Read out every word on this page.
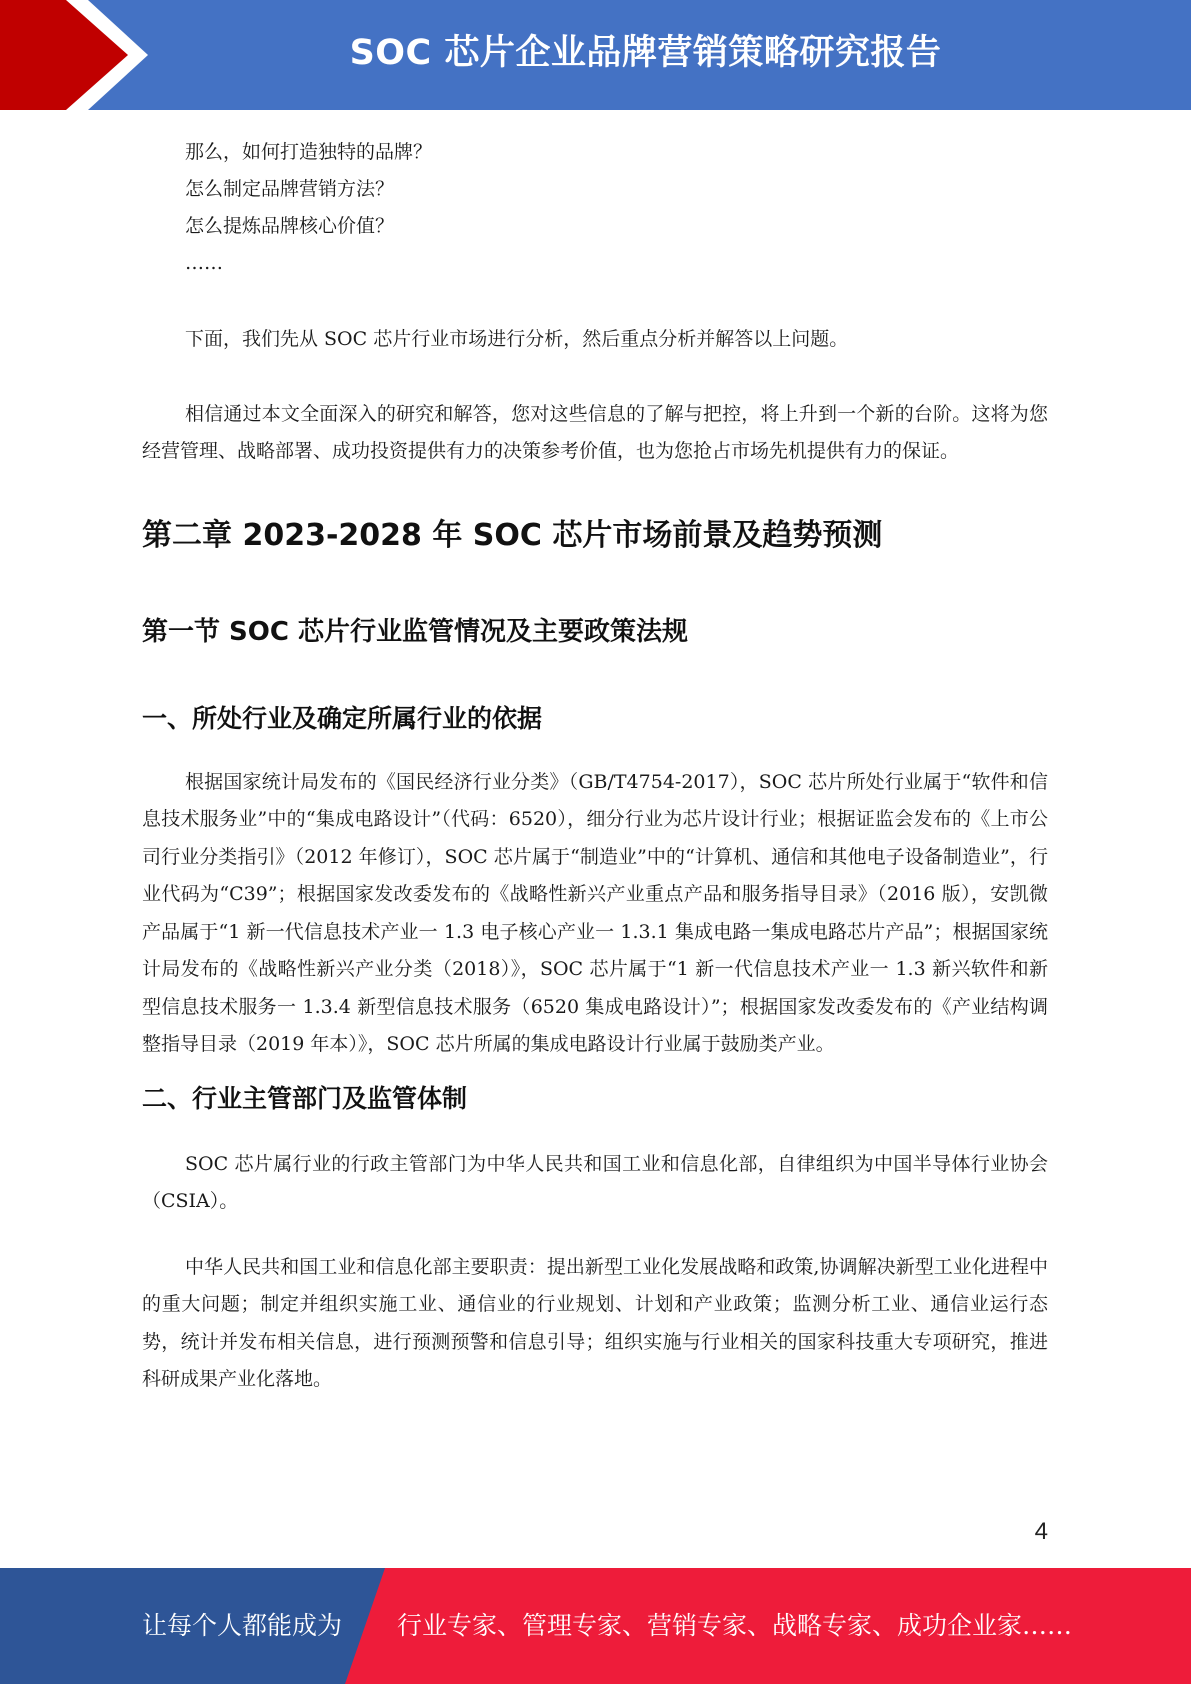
SOC 芯片企业品牌营销策略研究报告

那么，如何打造独特的品牌？

怎么制定品牌营销方法？

怎么提炼品牌核心价值？

……

下面，我们先从 SOC 芯片行业市场进行分析，然后重点分析并解答以上问题。

相信通过本文全面深入的研究和解答，您对这些信息的了解与把控，将上升到一个新的台阶。这将为您经营管理、战略部署、成功投资提供有力的决策参考价值，也为您抢占市场先机提供有力的保证。

第二章 2023-2028 年 SOC 芯片市场前景及趋势预测
第一节 SOC 芯片行业监管情况及主要政策法规
一、所处行业及确定所属行业的依据

根据国家统计局发布的《国民经济行业分类》（GB/T4754-2017），SOC 芯片所处行业属于“软件和信息技术服务业”中的“集成电路设计”（代码：6520），细分行业为芯片设计行业；根据证监会发布的《上市公司行业分类指引》（2012 年修订），SOC 芯片属于“制造业”中的“计算机、通信和其他电子设备制造业”，行业代码为“C39”；根据国家发改委发布的《战略性新兴产业重点产品和服务指导目录》（2016 版），安凯微产品属于“1 新一代信息技术产业一 1.3 电子核心产业一 1.3.1 集成电路一集成电路芯片产品”；根据国家统计局发布的《战略性新兴产业分类（2018）》，SOC 芯片属于“1 新一代信息技术产业一 1.3 新兴软件和新型信息技术服务一 1.3.4 新型信息技术服务（6520 集成电路设计）”；根据国家发改委发布的《产业结构调整指导目录（2019 年本）》，SOC 芯片所属的集成电路设计行业属于鼓励类产业。

二、行业主管部门及监管体制

SOC 芯片属行业的行政主管部门为中华人民共和国工业和信息化部，自律组织为中国半导体行业协会（CSIA）。

中华人民共和国工业和信息化部主要职责：提出新型工业化发展战略和政策,协调解决新型工业化进程中的重大问题；制定并组织实施工业、通信业的行业规划、计划和产业政策；监测分析工业、通信业运行态势，统计并发布相关信息，进行预测预警和信息引导；组织实施与行业相关的国家科技重大专项研究，推进科研成果产业化落地。

4
让每个人都能成为 行业专家、管理专家、营销专家、战略专家、成功企业家……
